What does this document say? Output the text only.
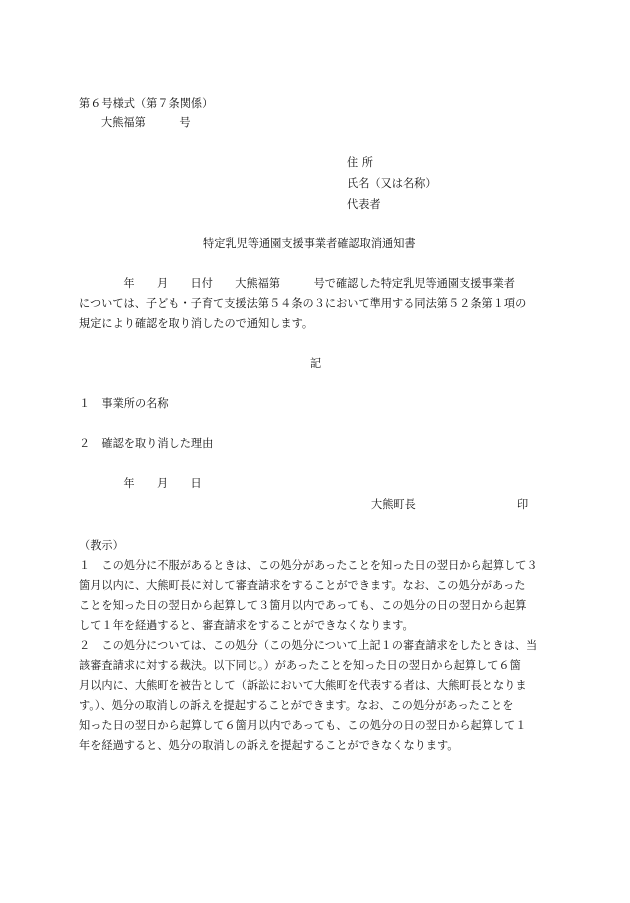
第６号様式（第７条関係）
大熊福第　　　号
住 所
氏名（又は名称）
代表者
特定乳児等通園支援事業者確認取消通知書
　　年　　月　　日付　　大熊福第　　　号で確認した特定乳児等通園支援事業者
については、子ども・子育て支援法第５４条の３において準用する同法第５２条第１項の
規定により確認を取り消したので通知します。
記
１　事業所の名称
２　確認を取り消した理由
　　年　　月　　日
大熊町長	印
（教示）
１　この処分に不服があるときは、この処分があったことを知った日の翌日から起算して３
箇月以内に、大熊町長に対して審査請求をすることができます。なお、この処分があった
ことを知った日の翌日から起算して３箇月以内であっても、この処分の日の翌日から起算
して１年を経過すると、審査請求をすることができなくなります。
２　この処分については、この処分（この処分について上記１の審査請求をしたときは、当
該審査請求に対する裁決。以下同じ。）があったことを知った日の翌日から起算して６箇
月以内に、大熊町を被告として（訴訟において大熊町を代表する者は、大熊町長となりま
す。）、処分の取消しの訴えを提起することができます。なお、この処分があったことを
知った日の翌日から起算して６箇月以内であっても、この処分の日の翌日から起算して１
年を経過すると、処分の取消しの訴えを提起することができなくなります。
